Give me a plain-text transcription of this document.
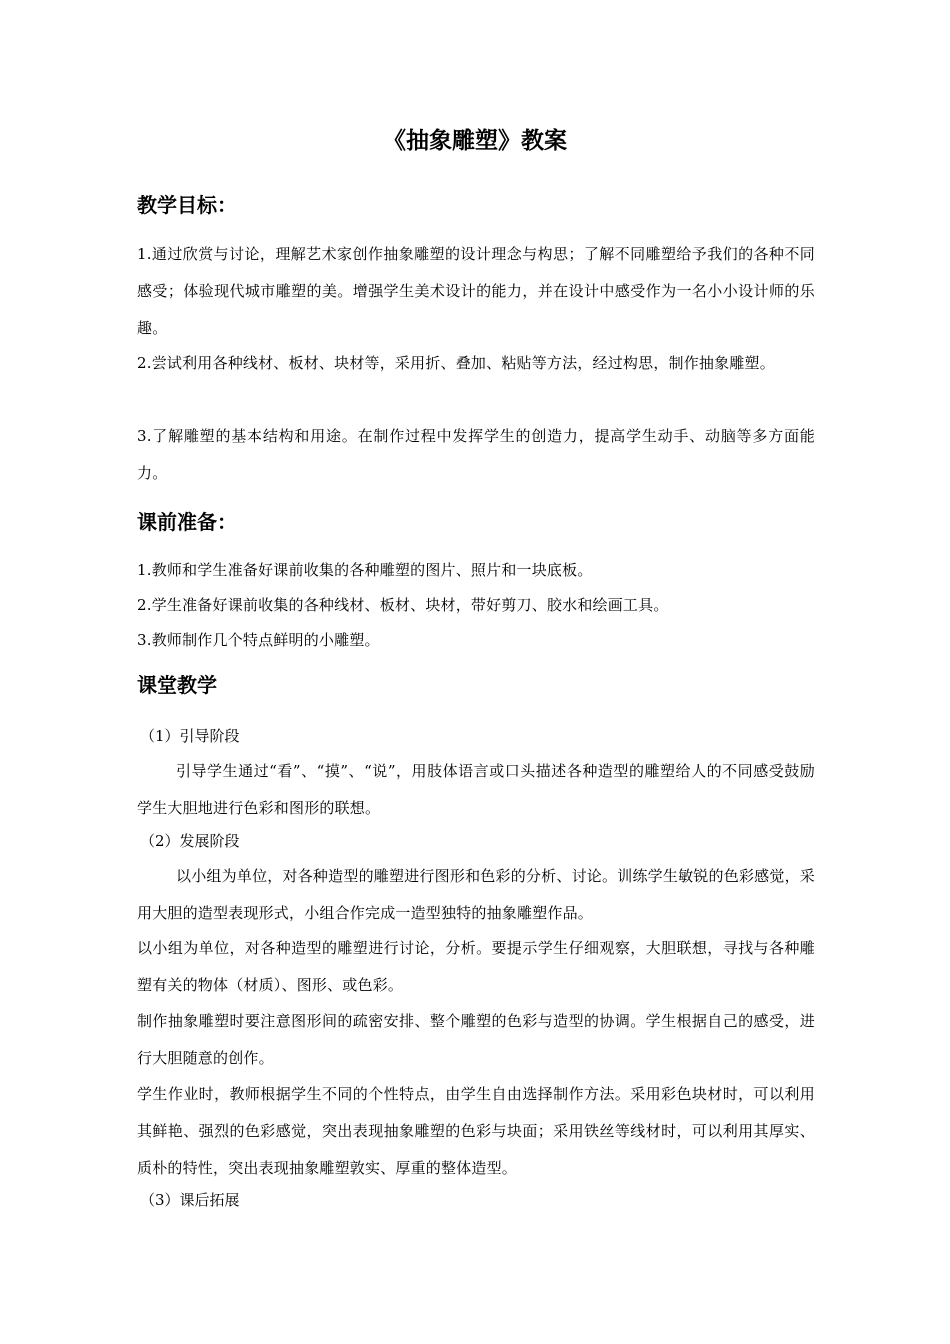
《抽象雕塑》教案
教学目标：

1.通过欣赏与讨论，理解艺术家创作抽象雕塑的设计理念与构思；了解不同雕塑给予我们的各种不同感受；体验现代城市雕塑的美。增强学生美术设计的能力，并在设计中感受作为一名小小设计师的乐趣。

2.尝试利用各种线材、板材、块材等，采用折、叠加、粘贴等方法，经过构思，制作抽象雕塑。

3.了解雕塑的基本结构和用途。在制作过程中发挥学生的创造力，提高学生动手、动脑等多方面能力。

课前准备：

1.教师和学生准备好课前收集的各种雕塑的图片、照片和一块底板。

2.学生准备好课前收集的各种线材、板材、块材，带好剪刀、胶水和绘画工具。

3.教师制作几个特点鲜明的小雕塑。

课堂教学

（1）引导阶段

引导学生通过“看”、“摸”、“说”，用肢体语言或口头描述各种造型的雕塑给人的不同感受鼓励学生大胆地进行色彩和图形的联想。

（2）发展阶段

以小组为单位，对各种造型的雕塑进行图形和色彩的分析、讨论。训练学生敏锐的色彩感觉，采用大胆的造型表现形式，小组合作完成一造型独特的抽象雕塑作品。

以小组为单位，对各种造型的雕塑进行讨论，分析。要提示学生仔细观察，大胆联想，寻找与各种雕塑有关的物体（材质）、图形、或色彩。

制作抽象雕塑时要注意图形间的疏密安排、整个雕塑的色彩与造型的协调。学生根据自己的感受，进行大胆随意的创作。

学生作业时，教师根据学生不同的个性特点，由学生自由选择制作方法。采用彩色块材时，可以利用其鲜艳、强烈的色彩感觉，突出表现抽象雕塑的色彩与块面；采用铁丝等线材时，可以利用其厚实、质朴的特性，突出表现抽象雕塑敦实、厚重的整体造型。

（3）课后拓展
